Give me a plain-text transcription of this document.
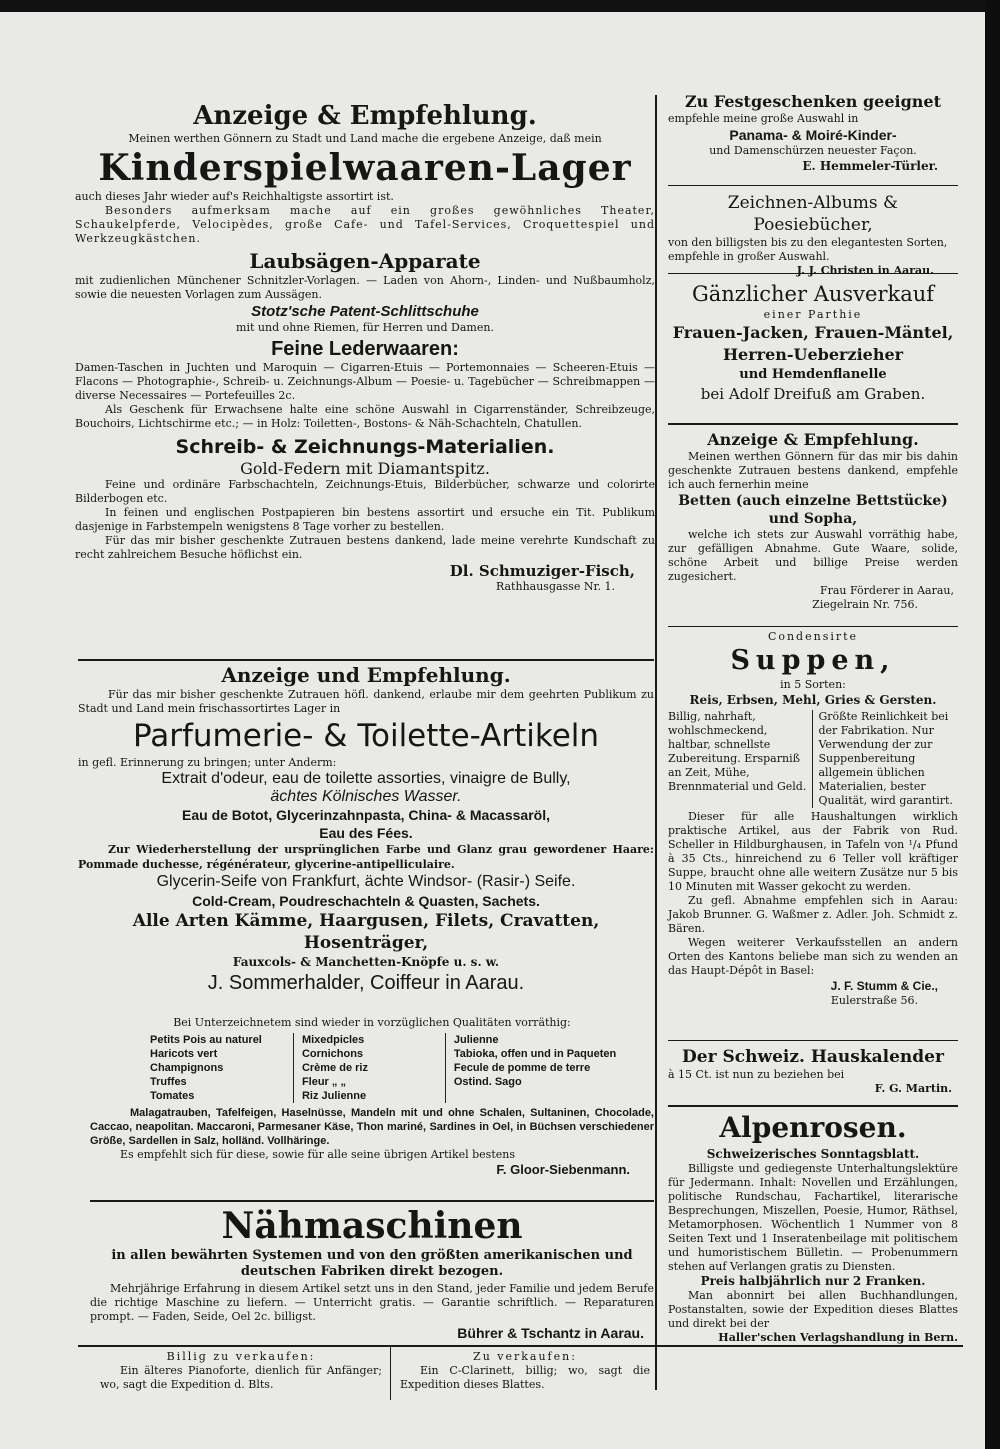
Anzeige & Empfehlung.

Meinen werthen Gönnern zu Stadt und Land mache die ergebene Anzeige, daß mein

Kinderspielwaaren-Lager

auch dieses Jahr wieder auf's Reichhaltigste assortirt ist.

Besonders aufmerksam mache auf ein großes gewöhnliches Theater, Schaukelpferde, Velocipèdes, große Cafe- und Tafel-Services, Croquettespiel und Werkzeugkästchen.

Laubsägen-Apparate

mit zudienlichen Münchener Schnitzler-Vorlagen. — Laden von Ahorn-, Linden- und Nußbaumholz, sowie die neuesten Vorlagen zum Aussägen.

Stotz'sche Patent-Schlittschuhe

mit und ohne Riemen, für Herren und Damen.

Feine Lederwaaren:

Damen-Taschen in Juchten und Maroquin — Cigarren-Etuis — Portemonnaies — Scheeren-Etuis — Flacons — Photographie-, Schreib- u. Zeichnungs-Album — Poesie- u. Tagebücher — Schreibmappen — diverse Necessaires — Portefeuilles 2c.

Als Geschenk für Erwachsene halte eine schöne Auswahl in Cigarrenständer, Schreibzeuge, Bouchoirs, Lichtschirme etc.; — in Holz: Toiletten-, Bostons- & Näh-Schachteln, Chatullen.

Schreib- & Zeichnungs-Materialien.

Gold-Federn mit Diamantspitz.

Feine und ordinäre Farbschachteln, Zeichnungs-Etuis, Bilderbücher, schwarze und colorirte Bilderbogen etc.

In feinen und englischen Postpapieren bin bestens assortirt und ersuche ein Tit. Publikum dasjenige in Farbstempeln wenigstens 8 Tage vorher zu bestellen.

Für das mir bisher geschenkte Zutrauen bestens dankend, lade meine verehrte Kundschaft zu recht zahlreichem Besuche höflichst ein.

Dl. Schmuziger-Fisch,

Rathhausgasse Nr. 1.

Anzeige und Empfehlung.

Für das mir bisher geschenkte Zutrauen höfl. dankend, erlaube mir dem geehrten Publikum zu Stadt und Land mein frischassortirtes Lager in

Parfumerie- & Toilette-Artikeln

in gefl. Erinnerung zu bringen; unter Anderm:

Extrait d'odeur, eau de toilette assorties, vinaigre de Bully,

ächtes Kölnisches Wasser.

Eau de Botot, Glycerinzahnpasta, China- & Macassaröl,

Eau des Fées.

Zur Wiederherstellung der ursprünglichen Farbe und Glanz grau gewordener Haare: Pommade duchesse, régénérateur, glycerine-antipelliculaire.

Glycerin-Seife von Frankfurt, ächte Windsor- (Rasir-) Seife.

Cold-Cream, Poudreschachteln & Quasten, Sachets.

Alle Arten Kämme, Haargusen, Filets, Cravatten, Hosenträger,

Fauxcols- & Manchetten-Knöpfe u. s. w.

J. Sommerhalder, Coiffeur in Aarau.

Bei Unterzeichnetem sind wieder in vorzüglichen Qualitäten vorräthig:

Petits Pois au naturel

Haricots vert

Champignons

Truffes

Tomates

Mixedpicles

Cornichons

Crème de riz

Fleur „ „

Riz Julienne

Julienne

Tabioka, offen und in Paqueten

Fecule de pomme de terre

Ostind. Sago

Malagatrauben, Tafelfeigen, Haselnüsse, Mandeln mit und ohne Schalen, Sultaninen, Chocolade, Caccao, neapolitan. Maccaroni, Parmesaner Käse, Thon mariné, Sardines in Oel, in Büchsen verschiedener Größe, Sardellen in Salz, holländ. Vollhäringe.

Es empfehlt sich für diese, sowie für alle seine übrigen Artikel bestens

F. Gloor-Siebenmann.

Nähmaschinen

in allen bewährten Systemen und von den größten amerikanischen und deutschen Fabriken direkt bezogen.

Mehrjährige Erfahrung in diesem Artikel setzt uns in den Stand, jeder Familie und jedem Berufe die richtige Maschine zu liefern. — Unterricht gratis. — Garantie schriftlich. — Reparaturen prompt. — Faden, Seide, Oel 2c. billigst.

Bührer & Tschantz in Aarau.

Billig zu verkaufen:

Ein älteres Pianoforte, dienlich für Anfänger; wo, sagt die Expedition d. Blts.

Zu verkaufen:

Ein C-Clarinett, billig; wo, sagt die Expedition dieses Blattes.

Zu Festgeschenken geeignet

empfehle meine große Auswahl in

Panama- & Moiré-Kinder-

und Damenschürzen neuester Façon.

E. Hemmeler-Türler.

Zeichnen-Albums & Poesiebücher,

von den billigsten bis zu den elegantesten Sorten, empfehle in großer Auswahl.

J. J. Christen in Aarau.

Gänzlicher Ausverkauf

einer Parthie

Frauen-Jacken, Frauen-Mäntel,

Herren-Ueberzieher

und Hemdenflanelle

bei Adolf Dreifuß am Graben.

Anzeige & Empfehlung.

Meinen werthen Gönnern für das mir bis dahin geschenkte Zutrauen bestens dankend, empfehle ich auch fernerhin meine

Betten (auch einzelne Bettstücke)

und Sopha,

welche ich stets zur Auswahl vorräthig habe, zur gefälligen Abnahme. Gute Waare, solide, schöne Arbeit und billige Preise werden zugesichert.

Frau Förderer in Aarau,

Ziegelrain Nr. 756.

Condensirte

Suppen,

in 5 Sorten:

Reis, Erbsen, Mehl, Gries & Gersten.

Billig, nahrhaft, wohlschmeckend, haltbar, schnellste Zubereitung. Ersparniß an Zeit, Mühe, Brennmaterial und Geld.

Größte Reinlichkeit bei der Fabrikation. Nur Verwendung der zur Suppenbereitung allgemein üblichen Materialien, bester Qualität, wird garantirt.

Dieser für alle Haushaltungen wirklich praktische Artikel, aus der Fabrik von Rud. Scheller in Hildburghausen, in Tafeln von ¹/₄ Pfund à 35 Cts., hinreichend zu 6 Teller voll kräftiger Suppe, braucht ohne alle weitern Zusätze nur 5 bis 10 Minuten mit Wasser gekocht zu werden.

Zu gefl. Abnahme empfehlen sich in Aarau: Jakob Brunner. G. Waßmer z. Adler. Joh. Schmidt z. Bären.

Wegen weiterer Verkaufsstellen an andern Orten des Kantons beliebe man sich zu wenden an das Haupt-Dépôt in Basel:

J. F. Stumm & Cie.,

Eulerstraße 56.

Der Schweiz. Hauskalender

à 15 Ct. ist nun zu beziehen bei

F. G. Martin.

Alpenrosen.

Schweizerisches Sonntagsblatt.

Billigste und gediegenste Unterhaltungslektüre für Jedermann. Inhalt: Novellen und Erzählungen, politische Rundschau, Fachartikel, literarische Besprechungen, Miszellen, Poesie, Humor, Räthsel, Metamorphosen. Wöchentlich 1 Nummer von 8 Seiten Text und 1 Inseratenbeilage mit politischem und humoristischem Bülletin. — Probenummern stehen auf Verlangen gratis zu Diensten.

Preis halbjährlich nur 2 Franken.

Man abonnirt bei allen Buchhandlungen, Postanstalten, sowie der Expedition dieses Blattes und direkt bei der

Haller'schen Verlagshandlung in Bern.
